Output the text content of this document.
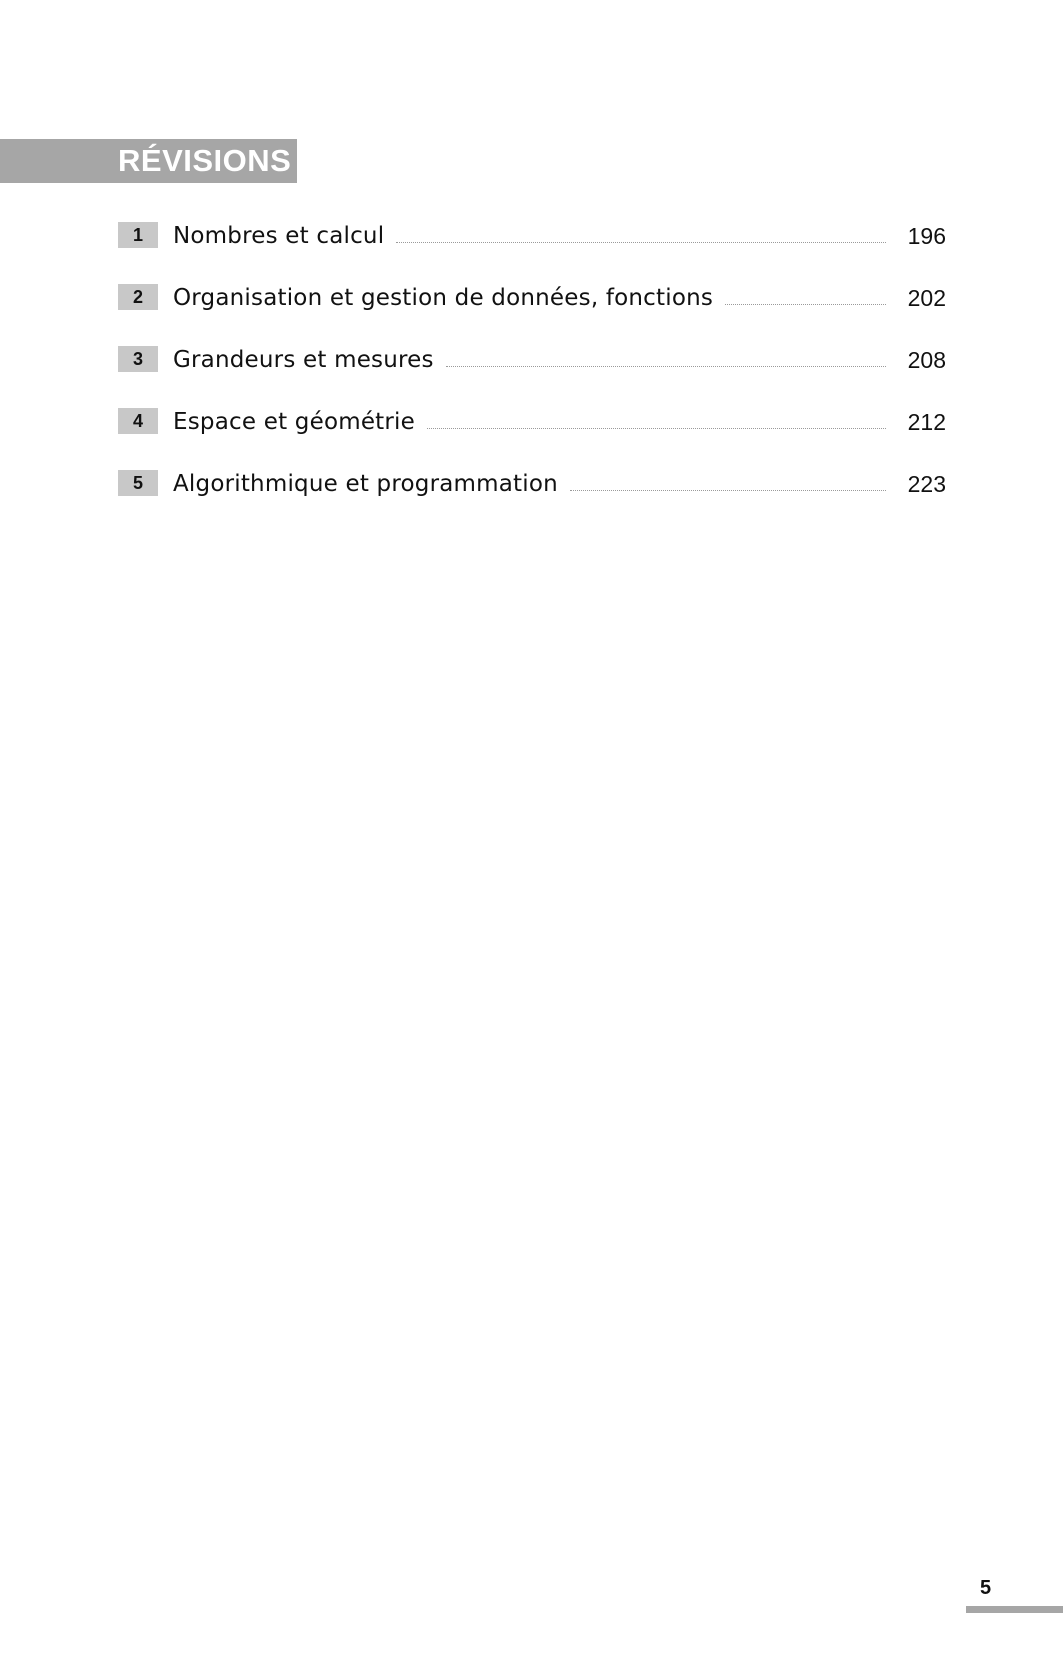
RÉVISIONS
1	Nombres et calcul	196
2	Organisation et gestion de données, fonctions	202
3	Grandeurs et mesures	208
4	Espace et géométrie	212
5	Algorithmique et programmation	223
5
